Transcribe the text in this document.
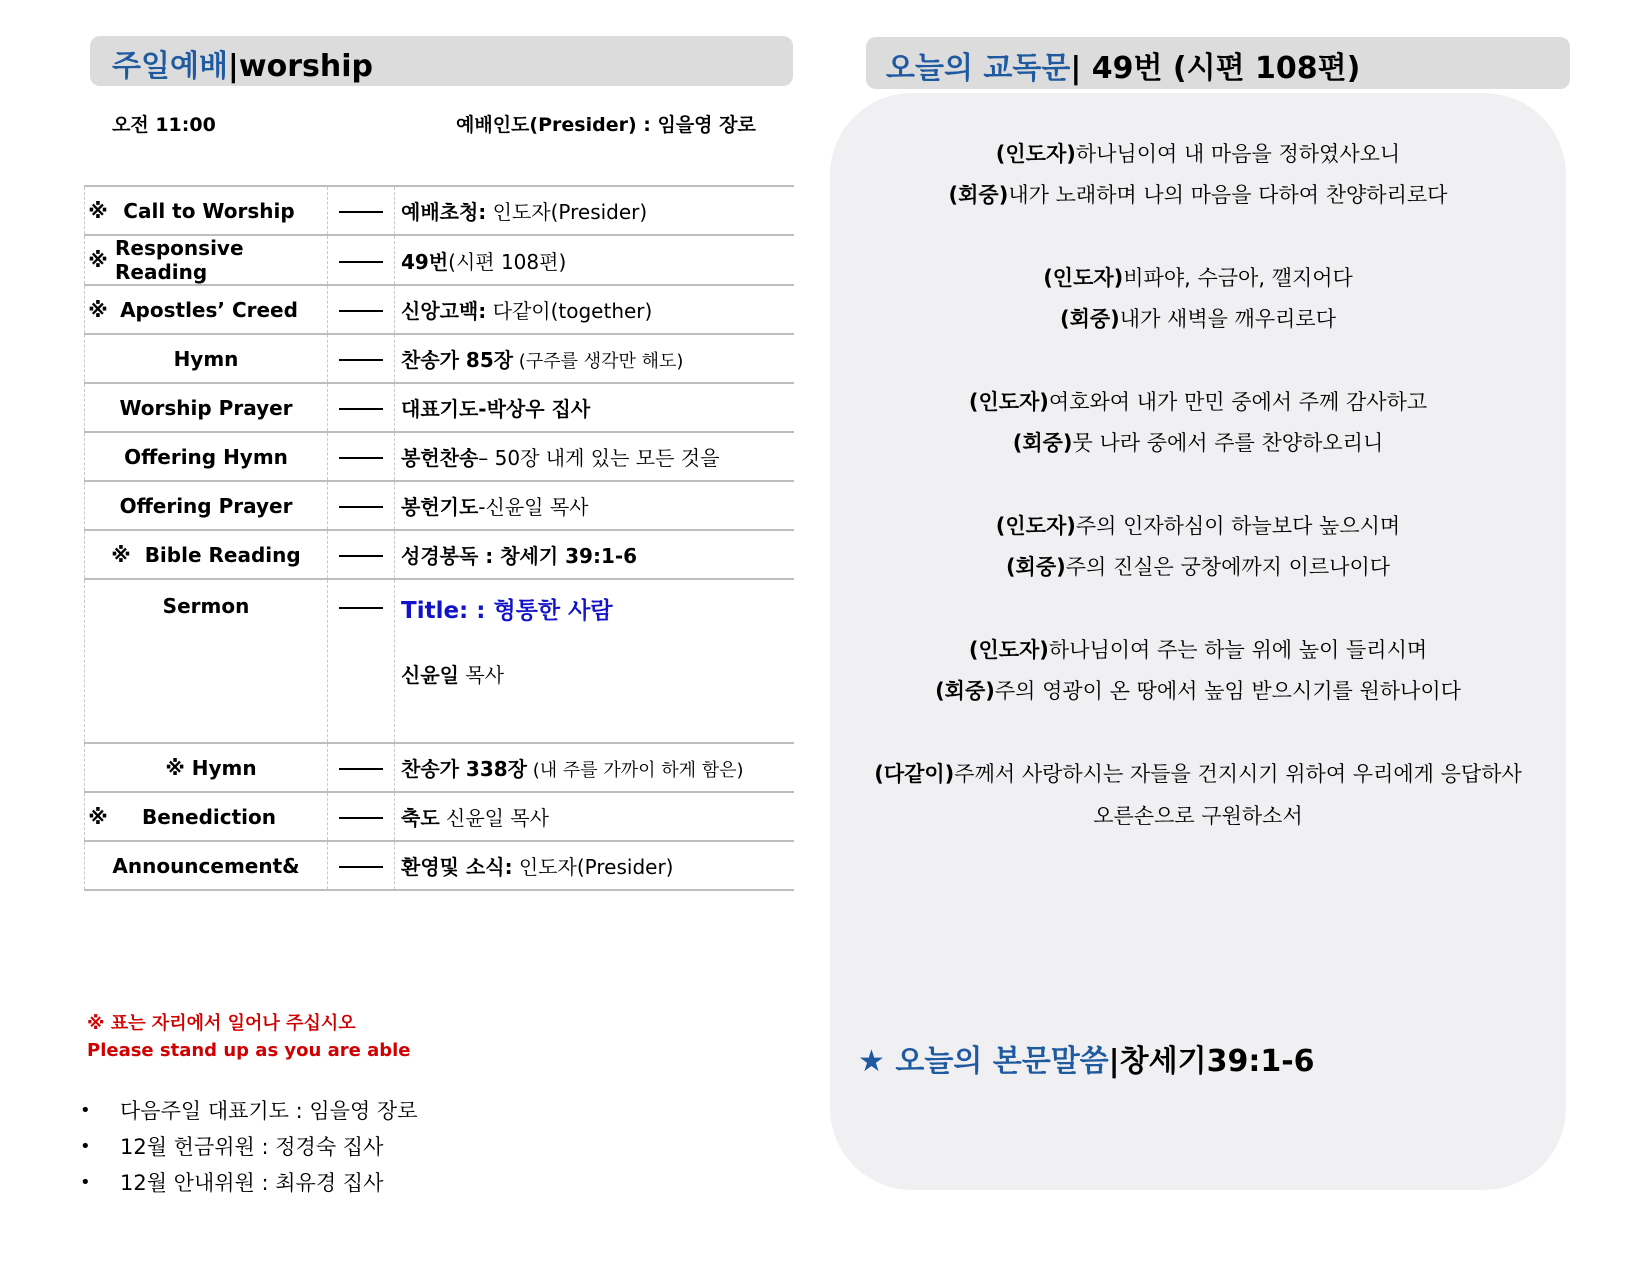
주일예배|worship
오전 11:00	예배인도(Presider) : 임을영 장로
※ Call to Worship		예배초청: 인도자(Presider)

※ Responsive Reading		49번(시편 108편)

※ Apostles’ Creed		신앙고백: 다같이(together)
Hymn		찬송가 85장 (구주를 생각만 해도)
Worship Prayer		대표기도-박상우 집사
Offering Hymn		봉헌찬송– 50장 내게 있는 모든 것을
Offering Prayer		봉헌기도-신윤일 목사

※
Bible Reading		성경봉독 : 창세기 39:1-6
Sermon		Title: : 형통한 사람
신윤일 목사

※ Hymn		찬송가 338장 (내 주를 가까이 하게 함은)

※ Benediction		축도 신윤일 목사
Announcement&		환영및 소식: 인도자(Presider)
※ 표는 자리에서 일어나 주십시오
Please stand up as you are able
• 다음주일 대표기도 : 임을영 장로
• 12월 헌금위원 : 정경숙 집사
• 12월 안내위원 : 최유경 집사
오늘의 교독문| 49번 (시편 108편)
(인도자)하나님이여 내 마음을 정하였사오니
(회중)내가 노래하며 나의 마음을 다하여 찬양하리로다
(인도자)비파야, 수금아, 깰지어다
(회중)내가 새벽을 깨우리로다
(인도자)여호와여 내가 만민 중에서 주께 감사하고
(회중)뭇 나라 중에서 주를 찬양하오리니
(인도자)주의 인자하심이 하늘보다 높으시며
(회중)주의 진실은 궁창에까지 이르나이다
(인도자)하나님이여 주는 하늘 위에 높이 들리시며
(회중)주의 영광이 온 땅에서 높임 받으시기를 원하나이다
(다같이)주께서 사랑하시는 자들을 건지시기 위하여 우리에게 응답하사
오른손으로 구원하소서
★ 오늘의 본문말씀|창세기39:1-6
